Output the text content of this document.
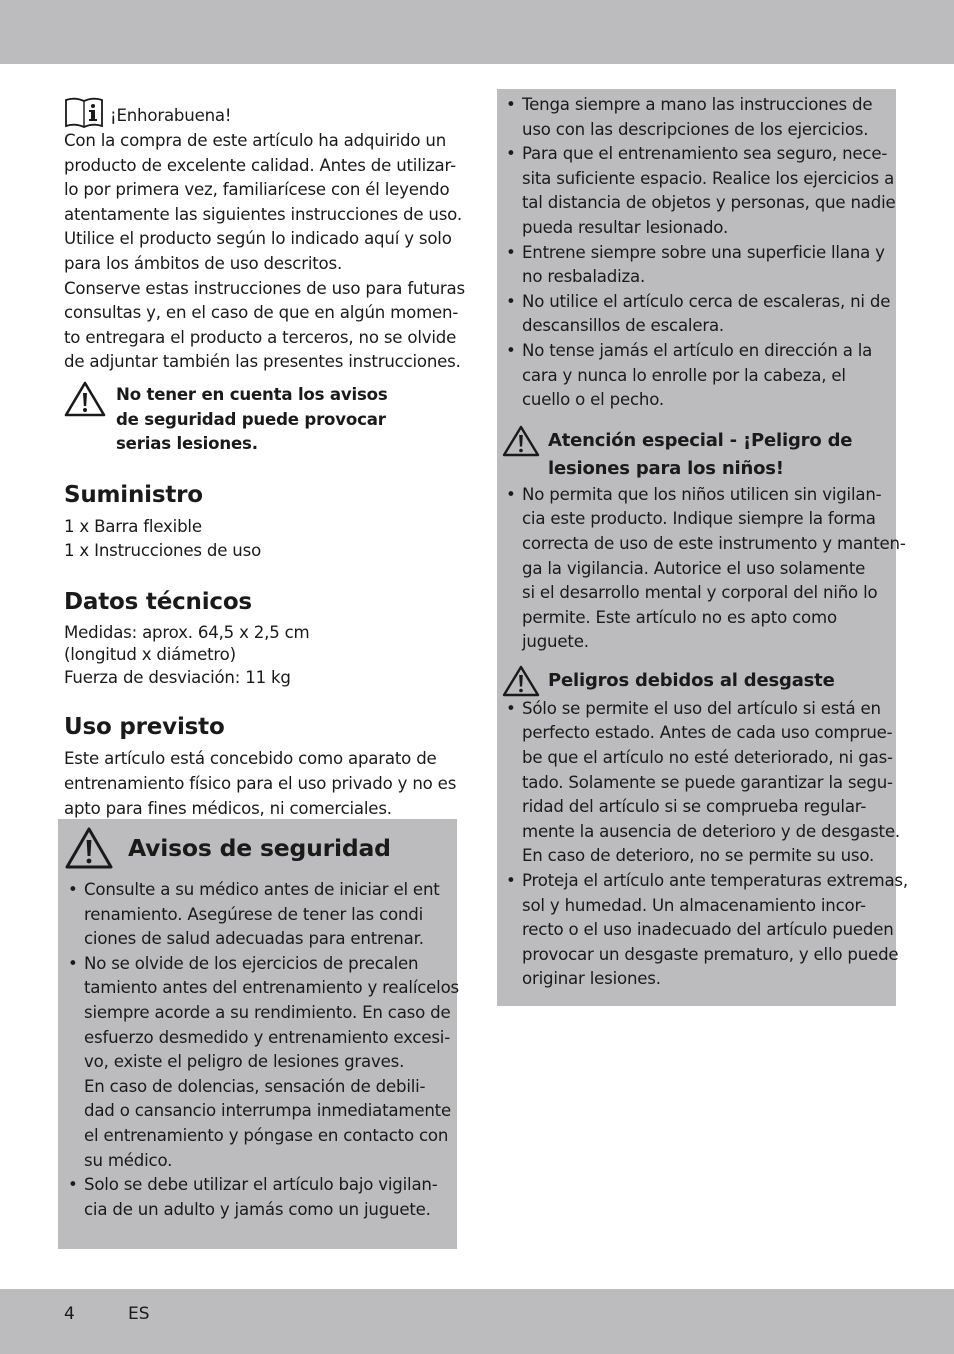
¡Enhorabuena!

Con la compra de este artículo ha adquirido un
producto de excelente calidad. Antes de utilizar-
lo por primera vez, familiarícese con él leyendo
atentamente las siguientes instrucciones de uso.
Utilice el producto según lo indicado aquí y solo
para los ámbitos de uso descritos.
Conserve estas instrucciones de uso para futuras
consultas y, en el caso de que en algún momen-
to entregara el producto a terceros, no se olvide
de adjuntar también las presentes instrucciones.

No tener en cuenta los avisos
de seguridad puede provocar
serias lesiones.
Suministro

1 x Barra flexible
1 x Instrucciones de uso

Datos técnicos

Medidas: aprox. 64,5 x 2,5 cm
(longitud x diámetro)
Fuerza de desviación: 11 kg

Uso previsto

Este artículo está concebido como aparato de
entrenamiento físico para el uso privado y no es
apto para fines médicos, ni comerciales.

Avisos de seguridad
• Consulte a su médico antes de iniciar el ent
renamiento. Asegúrese de tener las condi
ciones de salud adecuadas para entrenar.
• No se olvide de los ejercicios de precalen
tamiento antes del entrenamiento y realícelos
siempre acorde a su rendimiento. En caso de
esfuerzo desmedido y entrenamiento excesi-
vo, existe el peligro de lesiones graves.
En caso de dolencias, sensación de debili-
dad o cansancio interrumpa inmediatamente
el entrenamiento y póngase en contacto con
su médico.
• Solo se debe utilizar el artículo bajo vigilan-
cia de un adulto y jamás como un juguete.
• Tenga siempre a mano las instrucciones de
uso con las descripciones de los ejercicios.
• Para que el entrenamiento sea seguro, nece-
sita suficiente espacio. Realice los ejercicios a
tal distancia de objetos y personas, que nadie
pueda resultar lesionado.
• Entrene siempre sobre una superficie llana y
no resbaladiza.
• No utilice el artículo cerca de escaleras, ni de
descansillos de escalera.
• No tense jamás el artículo en dirección a la
cara y nunca lo enrolle por la cabeza, el
cuello o el pecho.
Atención especial - ¡Peligro de
lesiones para los niños!
• No permita que los niños utilicen sin vigilan-
cia este producto. Indique siempre la forma
correcta de uso de este instrumento y manten-
ga la vigilancia. Autorice el uso solamente
si el desarrollo mental y corporal del niño lo
permite. Este artículo no es apto como
juguete.
Peligros debidos al desgaste
• Sólo se permite el uso del artículo si está en
perfecto estado. Antes de cada uso comprue-
be que el artículo no esté deteriorado, ni gas-
tado. Solamente se puede garantizar la segu-
ridad del artículo si se comprueba regular-
mente la ausencia de deterioro y de desgaste.
En caso de deterioro, no se permite su uso.
• Proteja el artículo ante temperaturas extremas,
sol y humedad. Un almacenamiento incor-
recto o el uso inadecuado del artículo pueden
provocar un desgaste prematuro, y ello puede
originar lesiones.
4	ES
